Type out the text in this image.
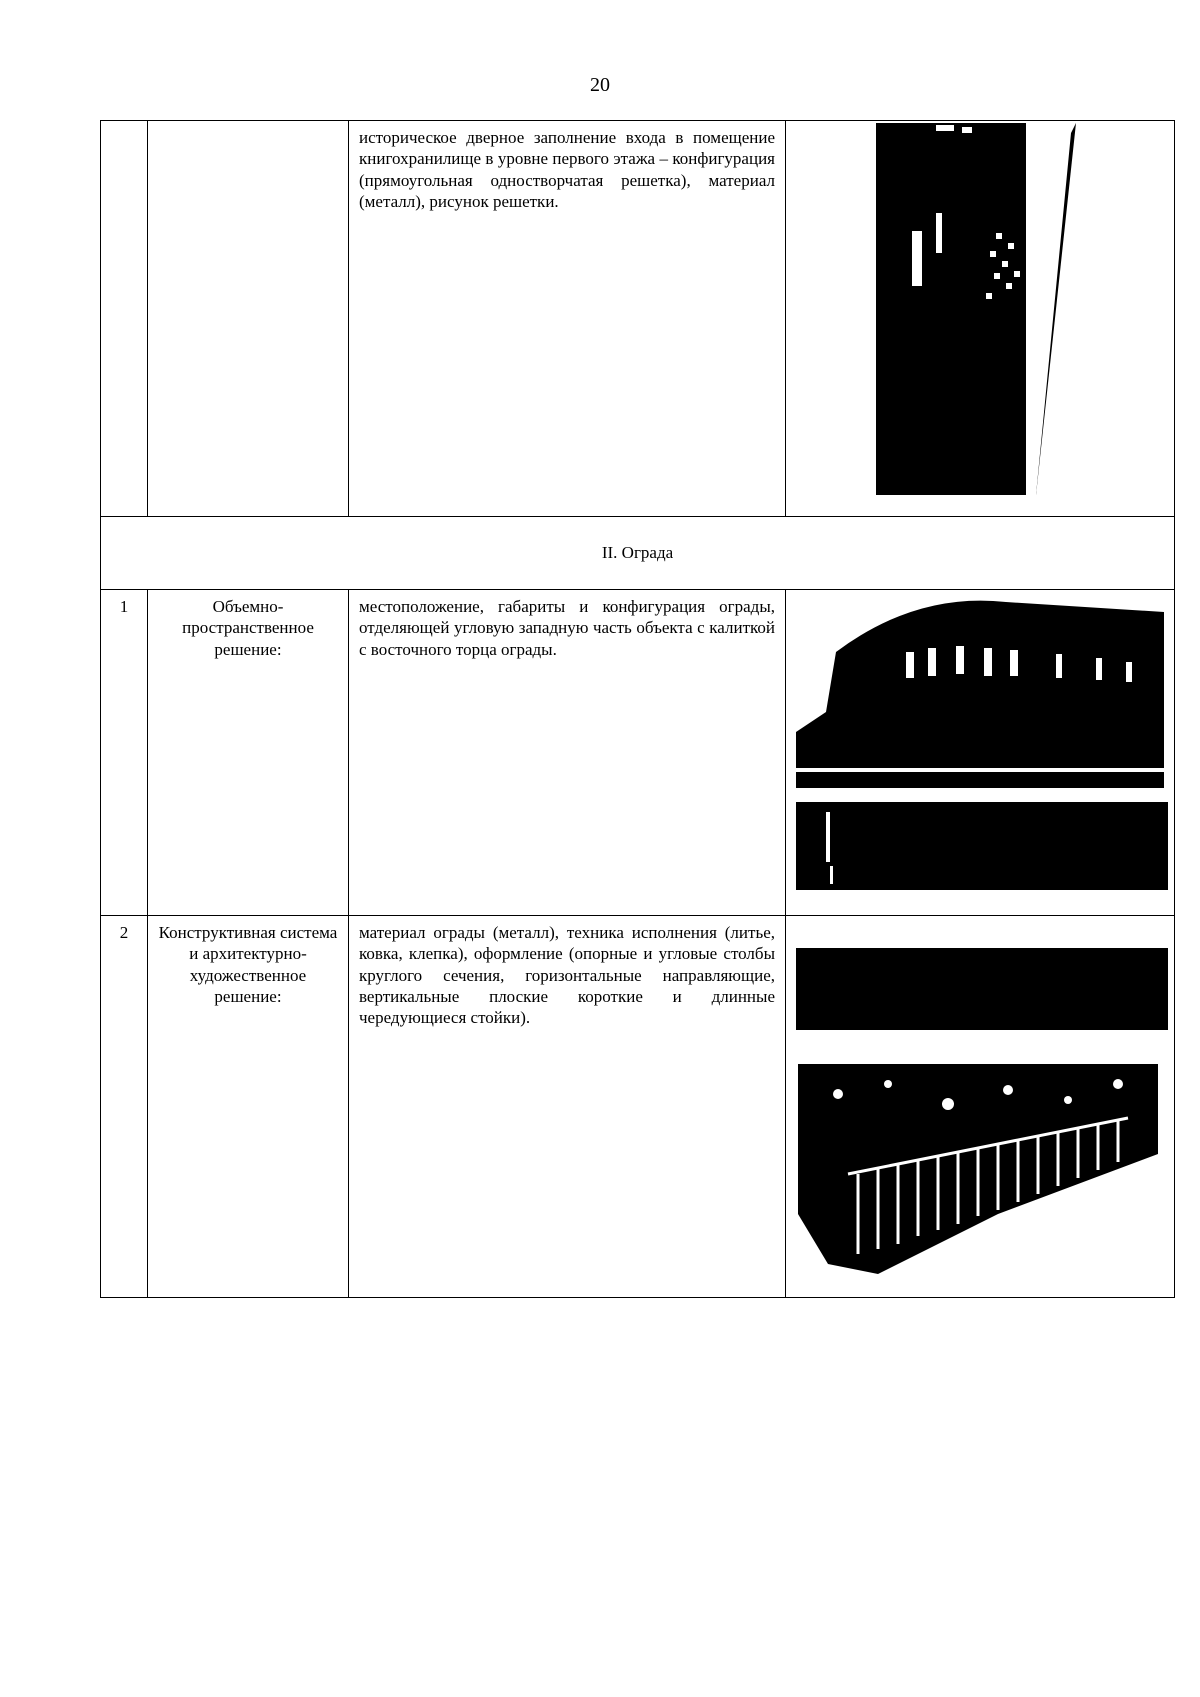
20

		историческое дверное заполнение входа в помещение книгохранилище в уровне первого этажа – конфигурация (прямоугольная одностворчатая решетка), материал (металл), рисунок решетки.

II. Ограда			

1	Объемно-пространственное решение:	местоположение, габариты и конфигурация ограды, отделяющей угловую западную часть объекта с калиткой с восточного торца ограды.

2	Конструктивная система и архитектурно-художественное решение:	материал ограды (металл), техника исполнения (литье, ковка, клепка), оформление (опорные и угловые столбы круглого сечения, горизонтальные направляющие, вертикальные плоские короткие и длинные чередующиеся стойки).
